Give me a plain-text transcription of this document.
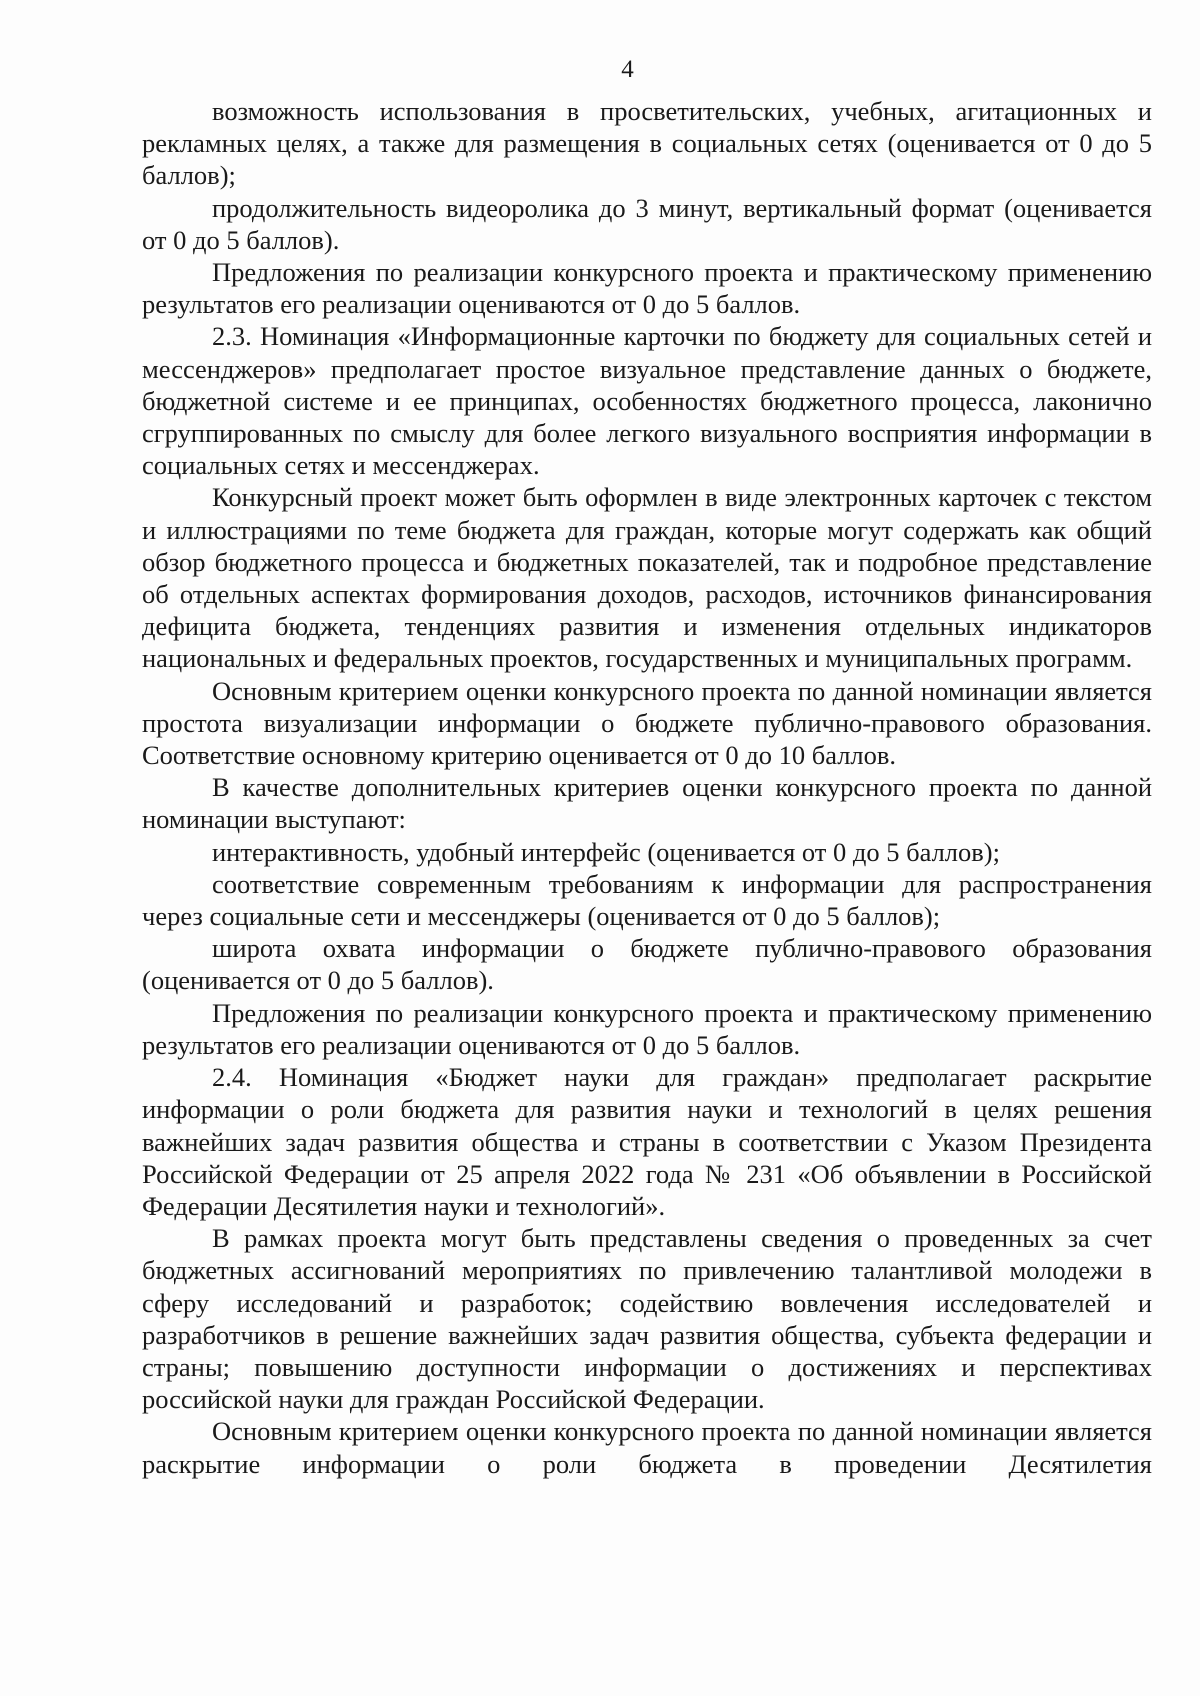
4

возможность использования в просветительских, учебных, агитационных и рекламных целях, а также для размещения в социальных сетях (оценивается от 0 до 5 баллов);

продолжительность видеоролика до 3 минут, вертикальный формат (оценивается от 0 до 5 баллов).

Предложения по реализации конкурсного проекта и практическому применению результатов его реализации оцениваются от 0 до 5 баллов.

2.3. Номинация «Информационные карточки по бюджету для социальных сетей и мессенджеров» предполагает простое визуальное представление данных о бюджете, бюджетной системе и ее принципах, особенностях бюджетного процесса, лаконично сгруппированных по смыслу для более легкого визуального восприятия информации в социальных сетях и мессенджерах.

Конкурсный проект может быть оформлен в виде электронных карточек с текстом и иллюстрациями по теме бюджета для граждан, которые могут содержать как общий обзор бюджетного процесса и бюджетных показателей, так и подробное представление об отдельных аспектах формирования доходов, расходов, источников финансирования дефицита бюджета, тенденциях развития и изменения отдельных индикаторов национальных и федеральных проектов, государственных и муниципальных программ.

Основным критерием оценки конкурсного проекта по данной номинации является простота визуализации информации о бюджете публично-правового образования. Соответствие основному критерию оценивается от 0 до 10 баллов.

В качестве дополнительных критериев оценки конкурсного проекта по данной номинации выступают:

интерактивность, удобный интерфейс (оценивается от 0 до 5 баллов);

соответствие современным требованиям к информации для распространения через социальные сети и мессенджеры (оценивается от 0 до 5 баллов);

широта охвата информации о бюджете публично-правового образования (оценивается от 0 до 5 баллов).

Предложения по реализации конкурсного проекта и практическому применению результатов его реализации оцениваются от 0 до 5 баллов.

2.4. Номинация «Бюджет науки для граждан» предполагает раскрытие информации о роли бюджета для развития науки и технологий в целях решения важнейших задач развития общества и страны в соответствии с Указом Президента Российской Федерации от 25 апреля 2022 года № 231 «Об объявлении в Российской Федерации Десятилетия науки и технологий».

В рамках проекта могут быть представлены сведения о проведенных за счет бюджетных ассигнований мероприятиях по привлечению талантливой молодежи в сферу исследований и разработок; содействию вовлечения исследователей и разработчиков в решение важнейших задач развития общества, субъекта федерации и страны; повышению доступности информации о достижениях и перспективах российской науки для граждан Российской Федерации.

Основным критерием оценки конкурсного проекта по данной номинации является раскрытие информации о роли бюджета в проведении Десятилетия
